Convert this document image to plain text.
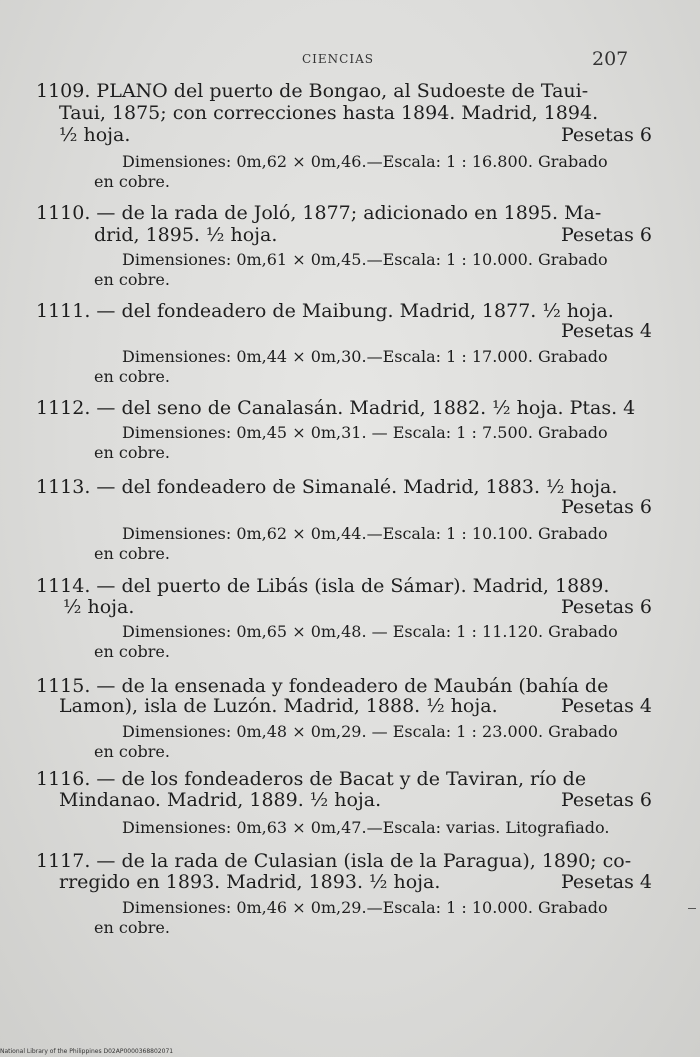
CIENCIAS	207
1109. PLANO del puerto de Bongao, al Sudoeste de Taui-
Taui, 1875; con correcciones hasta 1894. Madrid, 1894.
½ hoja.	Pesetas 6
Dimensiones: 0m,62 × 0m,46.—Escala: 1 : 16.800. Grabado
en cobre.
1110. — de la rada de Joló, 1877; adicionado en 1895. Ma-
drid, 1895. ½ hoja.	Pesetas 6
Dimensiones: 0m,61 × 0m,45.—Escala: 1 : 10.000. Grabado
en cobre.
1111. — del fondeadero de Maibung. Madrid, 1877. ½ hoja.
Pesetas 4
Dimensiones: 0m,44 × 0m,30.—Escala: 1 : 17.000. Grabado
en cobre.
1112. — del seno de Canalasán. Madrid, 1882. ½ hoja. Ptas. 4
Dimensiones: 0m,45 × 0m,31. — Escala: 1 : 7.500. Grabado
en cobre.
1113. — del fondeadero de Simanalé. Madrid, 1883. ½ hoja.
Pesetas 6
Dimensiones: 0m,62 × 0m,44.—Escala: 1 : 10.100. Grabado
en cobre.
1114. — del puerto de Libás (isla de Sámar). Madrid, 1889.
½ hoja.	Pesetas 6
Dimensiones: 0m,65 × 0m,48. — Escala: 1 : 11.120. Grabado
en cobre.
1115. — de la ensenada y fondeadero de Maubán (bahía de
Lamon), isla de Luzón. Madrid, 1888. ½ hoja.	Pesetas 4
Dimensiones: 0m,48 × 0m,29. — Escala: 1 : 23.000. Grabado
en cobre.
1116. — de los fondeaderos de Bacat y de Taviran, río de
Mindanao. Madrid, 1889. ½ hoja.	Pesetas 6
Dimensiones: 0m,63 × 0m,47.—Escala: varias. Litografiado.
1117. — de la rada de Culasian (isla de la Paragua), 1890; co-
rregido en 1893. Madrid, 1893. ½ hoja.	Pesetas 4
Dimensiones: 0m,46 × 0m,29.—Escala: 1 : 10.000. Grabado
en cobre.
National Library of the Philippines D02AP0000368802071
